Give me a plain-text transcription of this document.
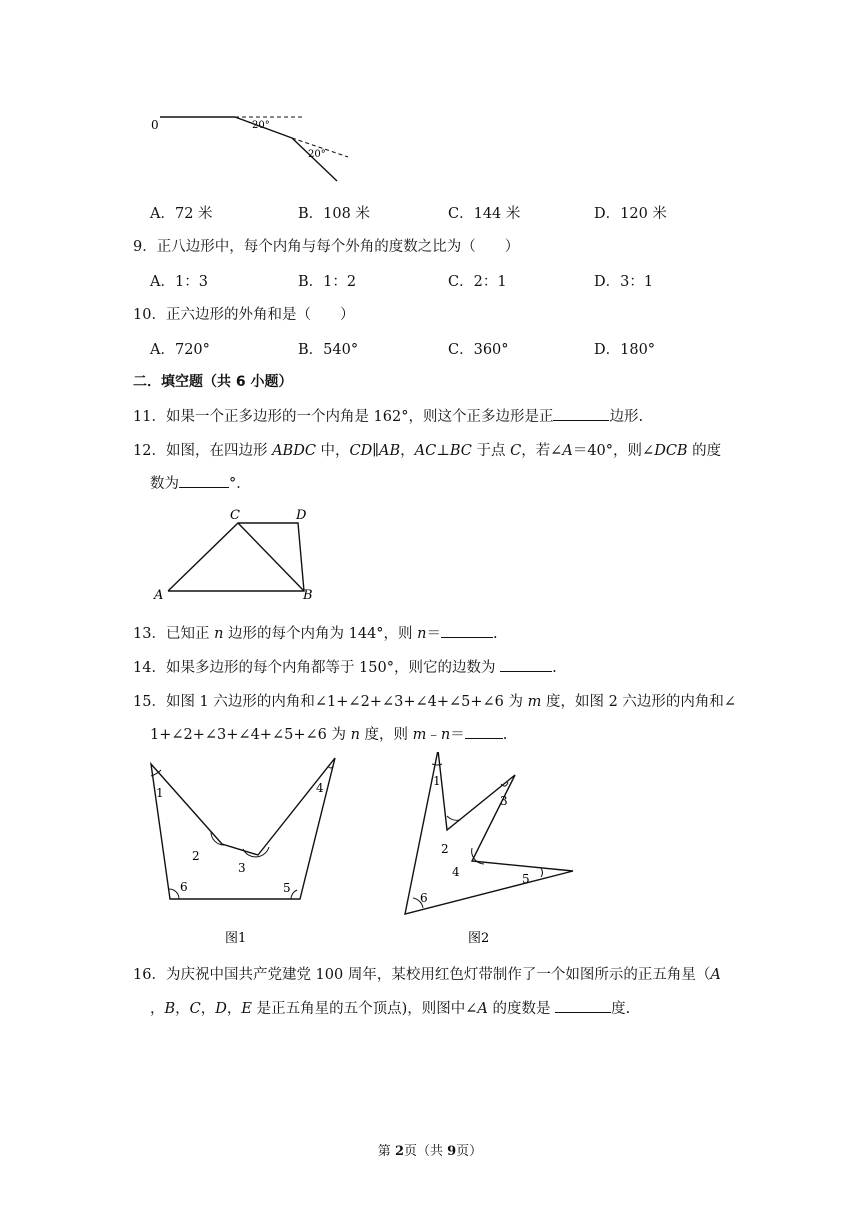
0	20°
20°
A．72 米	B．108 米	C．144 米	D．120 米
9．正八边形中，每个内角与每个外角的度数之比为（　　）
A．1：3	B．1：2	C．2：1	D．3：1
10．正六边形的外角和是（　　）
A．720°	B．540°	C．360°	D．180°
二．填空题（共 6 小题）
11．如果一个正多边形的一个内角是 162°，则这个正多边形是正	边形.
12．如图，在四边形 ABDC 中，CD∥AB，AC⊥BC 于点 C，若∠A＝40°，则∠DCB 的度
数为	°．
C	D
A	B
13．已知正 n 边形的每个内角为 144°，则 n＝	.
14．如果多边形的每个内角都等于 150°，则它的边数为	.
15．如图 1 六边形的内角和∠1+∠2+∠3+∠4+∠5+∠6 为 m 度，如图 2 六边形的内角和∠
1+∠2+∠3+∠4+∠5+∠6 为 n 度，则 m﹣n＝	.
1
2
3
4
5
6
图1
1
2
3
4	5
6
图2
16．为庆祝中国共产党建党 100 周年，某校用红色灯带制作了一个如图所示的正五角星（A
，B，C，D，E 是正五角星的五个顶点)，则图中∠A 的度数是	度.
第 2页（共 9页）
